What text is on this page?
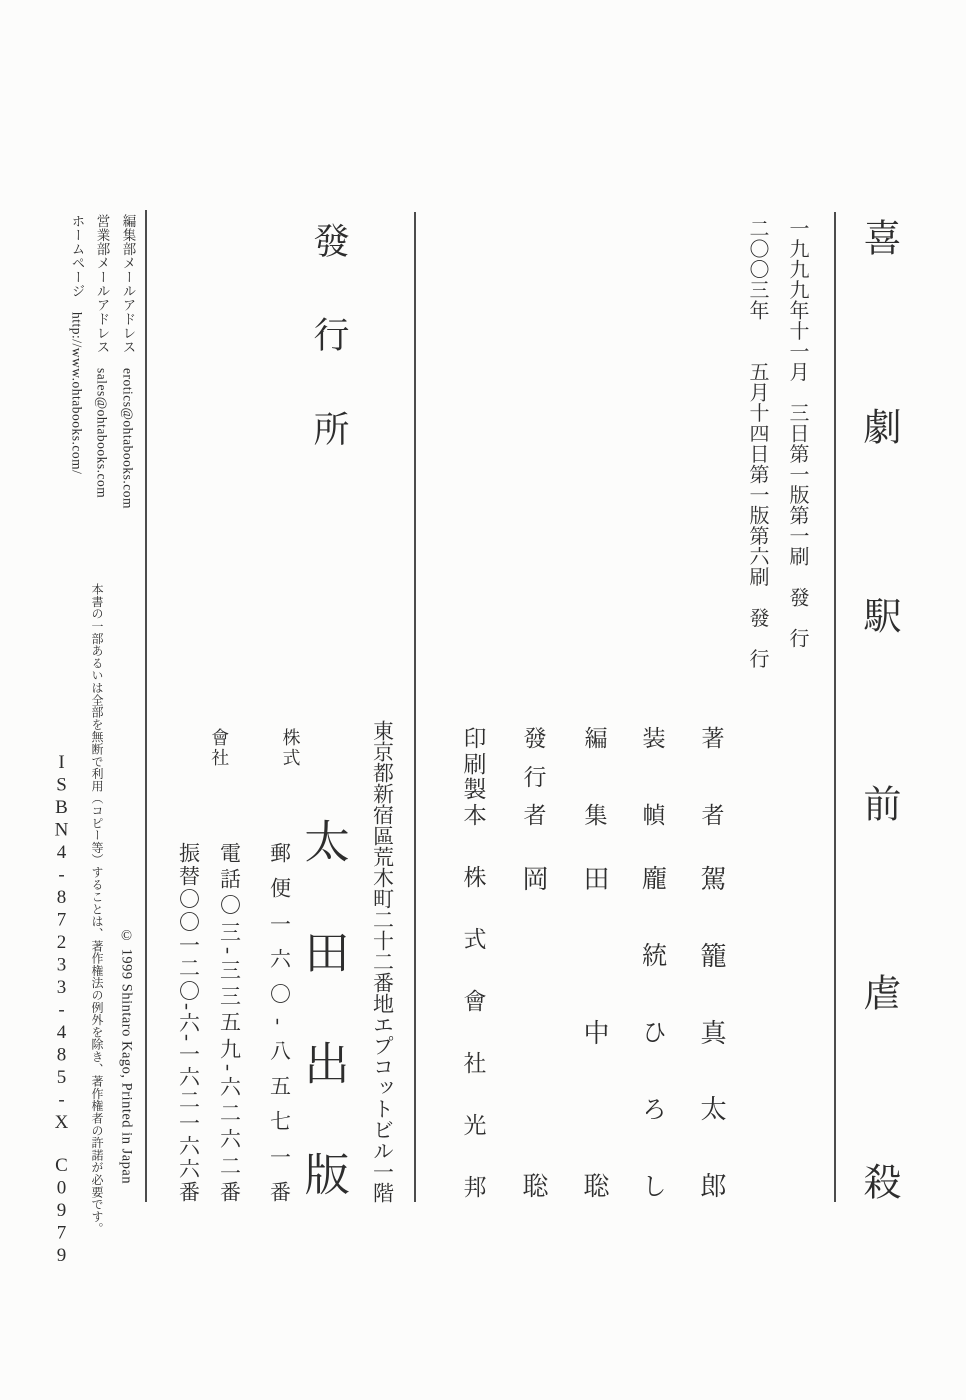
喜
劇
駅
前
虐
殺
一九九九年十一月　三日第一版第一刷　發　行
二〇〇三年　　五月十四日第一版第六刷　發　行
著
者
駕
籠
真
太
郎
装
幀
龐
統
ひ
ろ
し
編
集
田
中
聡
發
行
者
岡
聡
印
刷
製
本
株
式
會
社
光
邦
發
行
所
東
京
都
新
宿
區
荒
木
町
二
十
二
番
地
エ
プ
コ
ッ
ト
ビ
ル
一
階

株式

會社

太
田
出
版
郵
便
一
六
〇
-
八
五
七
一
番
電
話
〇
三
-
三
三
五
九
-
六
二
六
二
番
振
替
〇
〇
一
二
〇
-
六
-
一
六
二
一
六
六
番
編集部メールアドレス　erotics@ohtabooks.com
営業部メールアドレス　sales@ohtabooks.com
ホームページ　http://www.ohtabooks.com/
© 1999 Shintaro Kago, Printed in Japan
本書の一部あるいは全部を無断で利用（コピー等）することは、著作権法の例外を除き、著作権者の許諾が必要です。
ISBN4-87233-485-X　C0979
